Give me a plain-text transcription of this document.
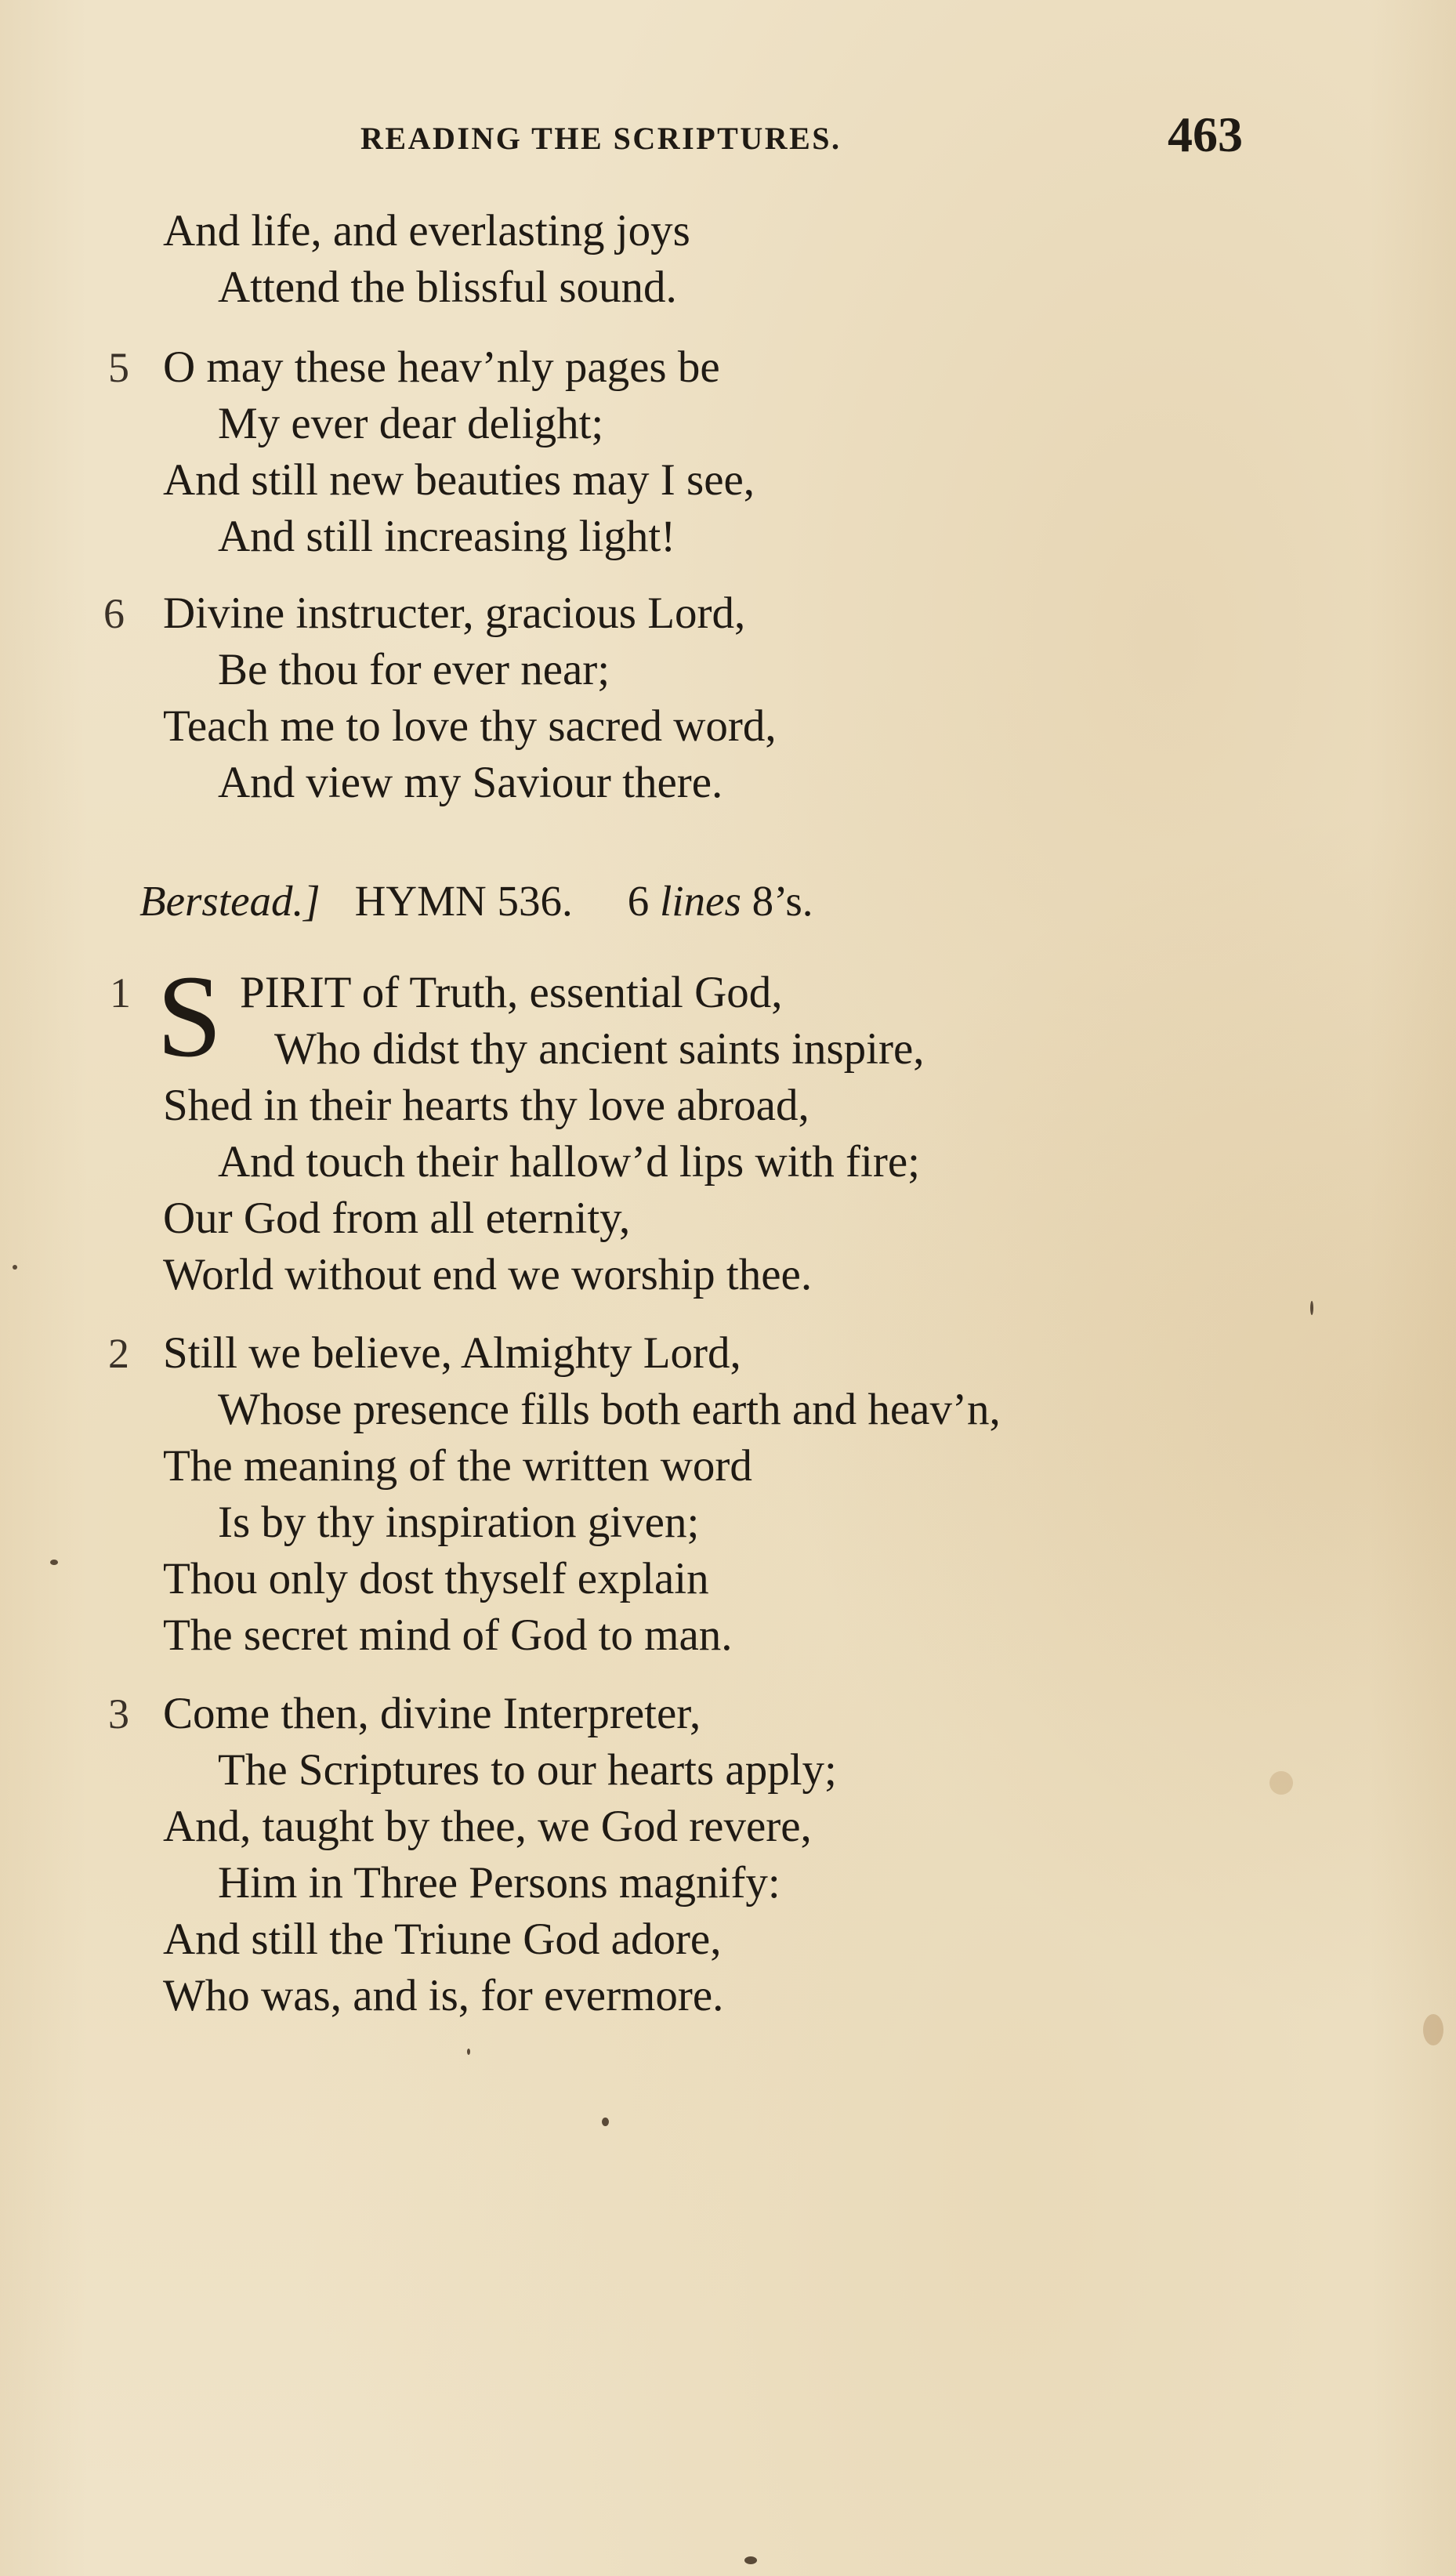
READING THE SCRIPTURES.	463
And life, and everlasting joys
Attend the blissful sound.
5 O may these heav’nly pages be
My ever dear delight;
And still new beauties may I see,
And still increasing light!
6 Divine instructer, gracious Lord,
Be thou for ever near;
Teach me to love thy sacred word,
And view my Saviour there.
Berstead.] HYMN 536. 6 lines 8’s.
1 S PIRIT of Truth, essential God,
Who didst thy ancient saints inspire,
Shed in their hearts thy love abroad,
And touch their hallow’d lips with fire;
Our God from all eternity,
World without end we worship thee.
2 Still we believe, Almighty Lord,
Whose presence fills both earth and heav’n,
The meaning of the written word
Is by thy inspiration given;
Thou only dost thyself explain
The secret mind of God to man.
3 Come then, divine Interpreter,
The Scriptures to our hearts apply;
And, taught by thee, we God revere,
Him in Three Persons magnify:
And still the Triune God adore,
Who was, and is, for evermore.
